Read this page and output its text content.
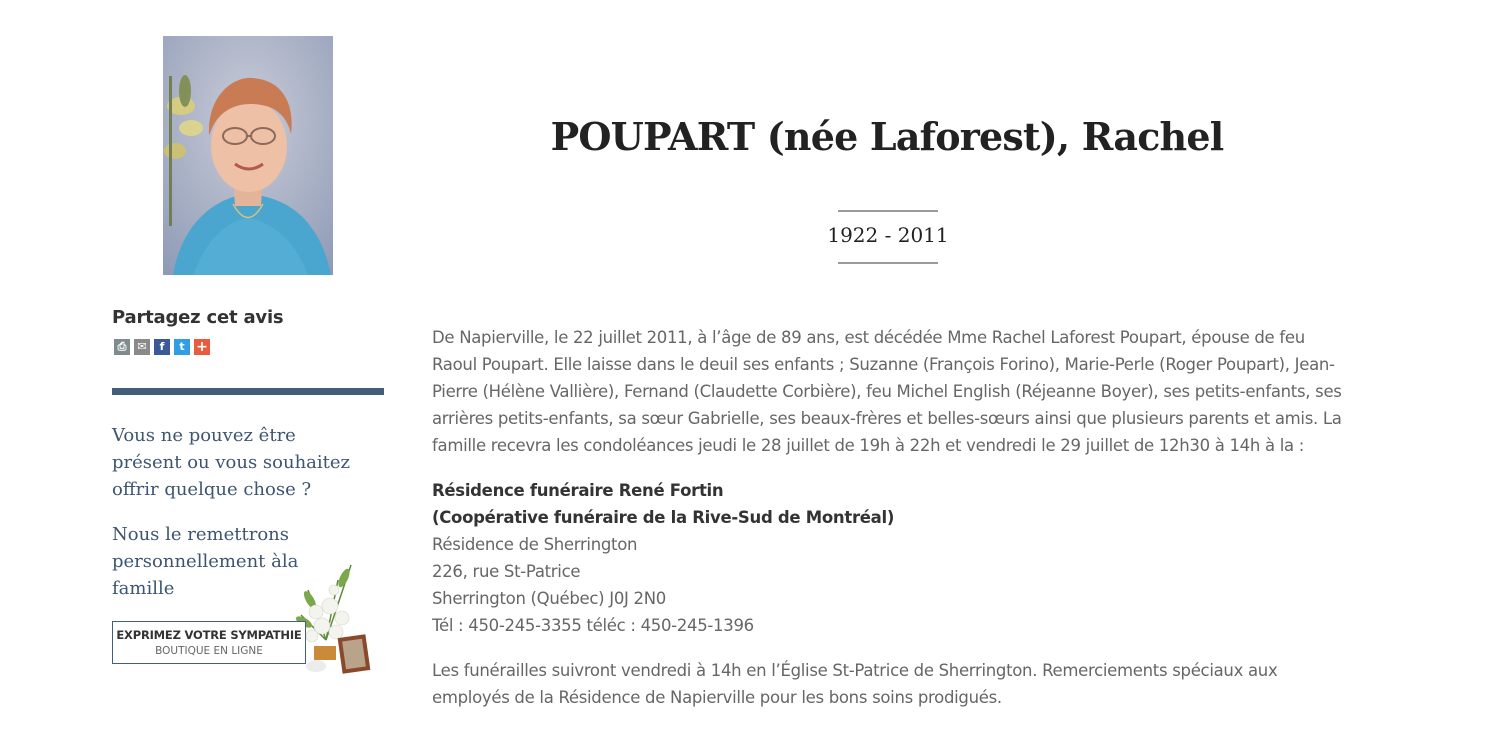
Partagez cet avis
⎙ ✉	f	t +

Vous ne pouvez être présent ou vous souhaitez offrir quelque chose ?

Nous le remettrons personnellement àla famille

EXPRIMEZ VOTRE SYMPATHIE
BOUTIQUE EN LIGNE
POUPART (née Laforest), Rachel
1922 - 2011

De Napierville, le 22 juillet 2011, à l’âge de 89 ans, est décédée Mme Rachel Laforest Poupart, épouse de feu Raoul Poupart. Elle laisse dans le deuil ses enfants ; Suzanne (François Forino), Marie-Perle (Roger Poupart), Jean-Pierre (Hélène Vallière), Fernand (Claudette Corbière), feu Michel English (Réjeanne Boyer), ses petits-enfants, ses arrières petits-enfants, sa sœur Gabrielle, ses beaux-frères et belles-sœurs ainsi que plusieurs parents et amis. La famille recevra les condoléances jeudi le 28 juillet de 19h à 22h et vendredi le 29 juillet de 12h30 à 14h à la :

Résidence funéraire René Fortin
(Coopérative funéraire de la Rive-Sud de Montréal)
Résidence de Sherrington
226, rue St-Patrice
Sherrington (Québec) J0J 2N0
Tél : 450-245-3355 téléc : 450-245-1396

Les funérailles suivront vendredi à 14h en l’Église St-Patrice de Sherrington. Remerciements spéciaux aux employés de la Résidence de Napierville pour les bons soins prodigués.
